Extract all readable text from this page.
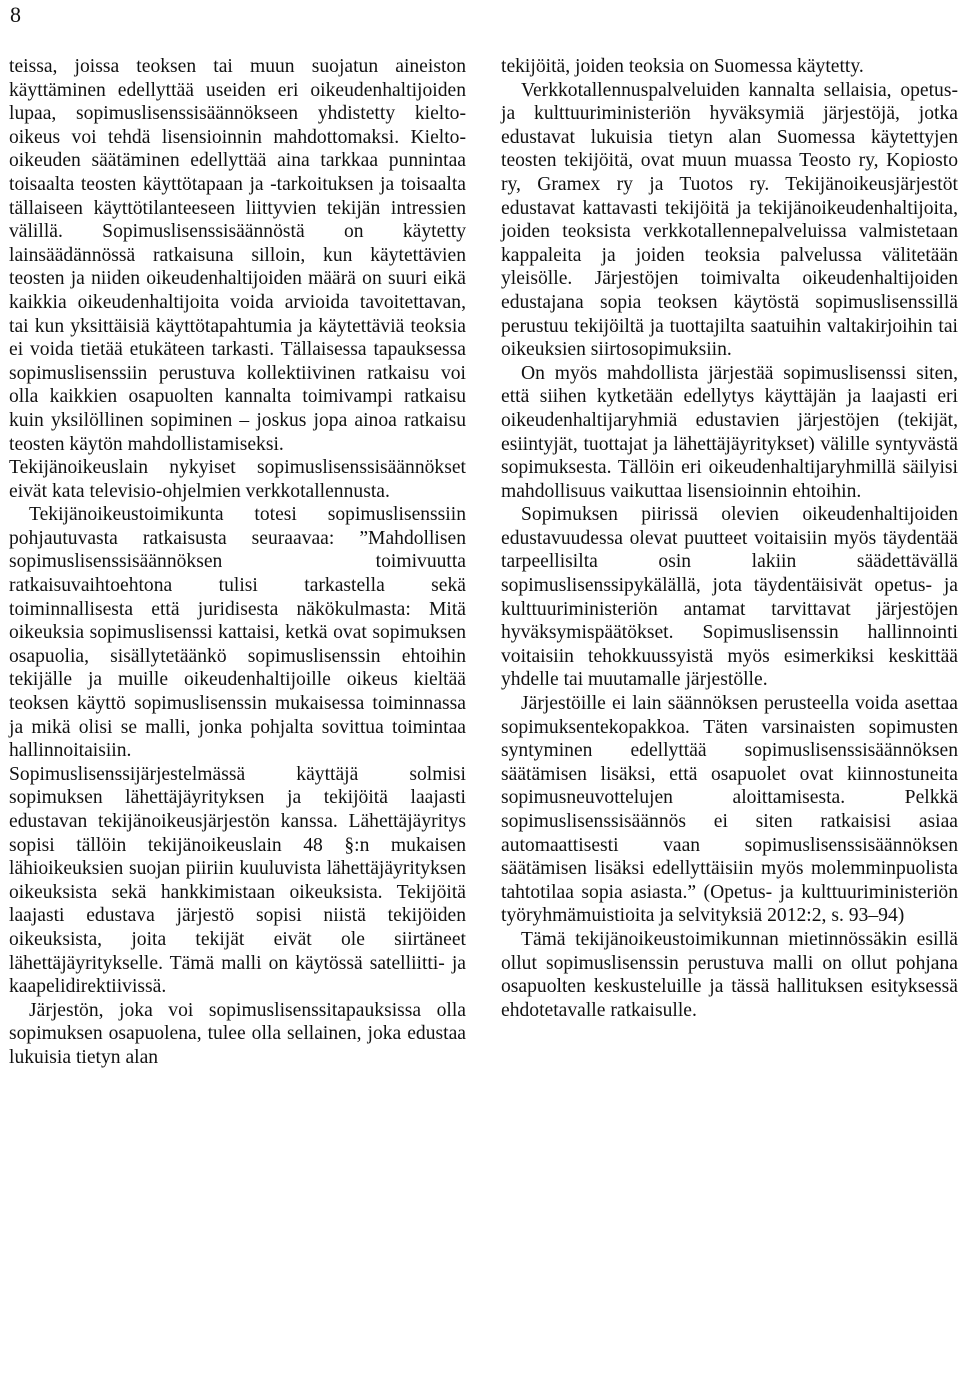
8

teissa, joissa teoksen tai muun suojatun aineiston käyttäminen edellyttää useiden eri oikeudenhaltijoiden lupaa, sopimuslisenssisäännökseen yhdistetty kielto-oikeus voi tehdä lisensioinnin mahdottomaksi. Kielto-oikeuden säätäminen edellyttää aina tarkkaa punnintaa toisaalta teosten käyttötapaan ja -tarkoituksen ja toisaalta tällaiseen käyttötilanteeseen liittyvien tekijän intressien välillä. Sopimuslisenssisäännöstä on käytetty lainsäädännössä ratkaisuna silloin, kun käytettävien teosten ja niiden oikeudenhaltijoiden määrä on suuri eikä kaikkia oikeudenhaltijoita voida arvioida tavoitettavan, tai kun yksittäisiä käyttötapahtumia ja käytettäviä teoksia ei voida tietää etukäteen tarkasti. Tällaisessa tapauksessa sopimuslisenssiin perustuva kollektiivinen ratkaisu voi olla kaikkien osapuolten kannalta toimivampi ratkaisu kuin yksilöllinen sopiminen – joskus jopa ainoa ratkaisu teosten käytön mahdollistamiseksi.

Tekijänoikeuslain nykyiset sopimuslisenssisäännökset eivät kata televisio-ohjelmien verkkotallennusta.

Tekijänoikeustoimikunta totesi sopimuslisenssiin pohjautuvasta ratkaisusta seuraavaa: ”Mahdollisen sopimuslisenssisäännöksen toimivuutta ratkaisuvaihtoehtona tulisi tarkastella sekä toiminnallisesta että juridisesta näkökulmasta: Mitä oikeuksia sopimuslisenssi kattaisi, ketkä ovat sopimuksen osapuolia, sisällytetäänkö sopimuslisenssin ehtoihin tekijälle ja muille oikeudenhaltijoille oikeus kieltää teoksen käyttö sopimuslisenssin mukaisessa toiminnassa ja mikä olisi se malli, jonka pohjalta sovittua toimintaa hallinnoitaisiin.

Sopimuslisenssijärjestelmässä käyttäjä solmisi sopimuksen lähettäjäyrityksen ja tekijöitä laajasti edustavan tekijänoikeusjärjestön kanssa. Lähettäjäyritys sopisi tällöin tekijänoikeuslain 48 §:n mukaisen lähioikeuksien suojan piiriin kuuluvista lähettäjäyrityksen oikeuksista sekä hankkimistaan oikeuksista. Tekijöitä laajasti edustava järjestö sopisi niistä tekijöiden oikeuksista, joita tekijät eivät ole siirtäneet lähettäjäyritykselle. Tämä malli on käytössä satelliitti- ja kaapelidirektiivissä.

Järjestön, joka voi sopimuslisenssitapauksissa olla sopimuksen osapuolena, tulee olla sellainen, joka edustaa lukuisia tietyn alan

tekijöitä, joiden teoksia on Suomessa käytetty.

Verkkotallennuspalveluiden kannalta sellaisia, opetus- ja kulttuuriministeriön hyväksymiä järjestöjä, jotka edustavat lukuisia tietyn alan Suomessa käytettyjen teosten tekijöitä, ovat muun muassa Teosto ry, Kopiosto ry, Gramex ry ja Tuotos ry. Tekijänoikeusjärjestöt edustavat kattavasti tekijöitä ja tekijänoikeudenhaltijoita, joiden teoksista verkkotallennepalveluissa valmistetaan kappaleita ja joiden teoksia palvelussa välitetään yleisölle. Järjestöjen toimivalta oikeudenhaltijoiden edustajana sopia teoksen käytöstä sopimuslisenssillä perustuu tekijöiltä ja tuottajilta saatuihin valtakirjoihin tai oikeuksien siirtosopimuksiin.

On myös mahdollista järjestää sopimuslisenssi siten, että siihen kytketään edellytys käyttäjän ja laajasti eri oikeudenhaltijaryhmiä edustavien järjestöjen (tekijät, esiintyjät, tuottajat ja lähettäjäyritykset) välille syntyvästä sopimuksesta. Tällöin eri oikeudenhaltijaryhmillä säilyisi mahdollisuus vaikuttaa lisensioinnin ehtoihin.

Sopimuksen piirissä olevien oikeudenhaltijoiden edustavuudessa olevat puutteet voitaisiin myös täydentää tarpeellisilta osin lakiin säädettävällä sopimuslisenssipykälällä, jota täydentäisivät opetus- ja kulttuuriministeriön antamat tarvittavat järjestöjen hyväksymispäätökset. Sopimuslisenssin hallinnointi voitaisiin tehokkuussyistä myös esimerkiksi keskittää yhdelle tai muutamalle järjestölle.

Järjestöille ei lain säännöksen perusteella voida asettaa sopimuksentekopakkoa. Täten varsinaisten sopimusten syntyminen edellyttää sopimuslisenssisäännöksen säätämisen lisäksi, että osapuolet ovat kiinnostuneita sopimusneuvottelujen aloittamisesta. Pelkkä sopimuslisenssisäännös ei siten ratkaisisi asiaa automaattisesti vaan sopimuslisenssisäännöksen säätämisen lisäksi edellyttäisiin myös molemminpuolista tahtotilaa sopia asiasta.” (Opetus- ja kulttuuriministeriön työryhmämuistioita ja selvityksiä 2012:2, s. 93–94)

Tämä tekijänoikeustoimikunnan mietinnössäkin esillä ollut sopimuslisenssin perustuva malli on ollut pohjana osapuolten keskusteluille ja tässä hallituksen esityksessä ehdotetavalle ratkaisulle.
